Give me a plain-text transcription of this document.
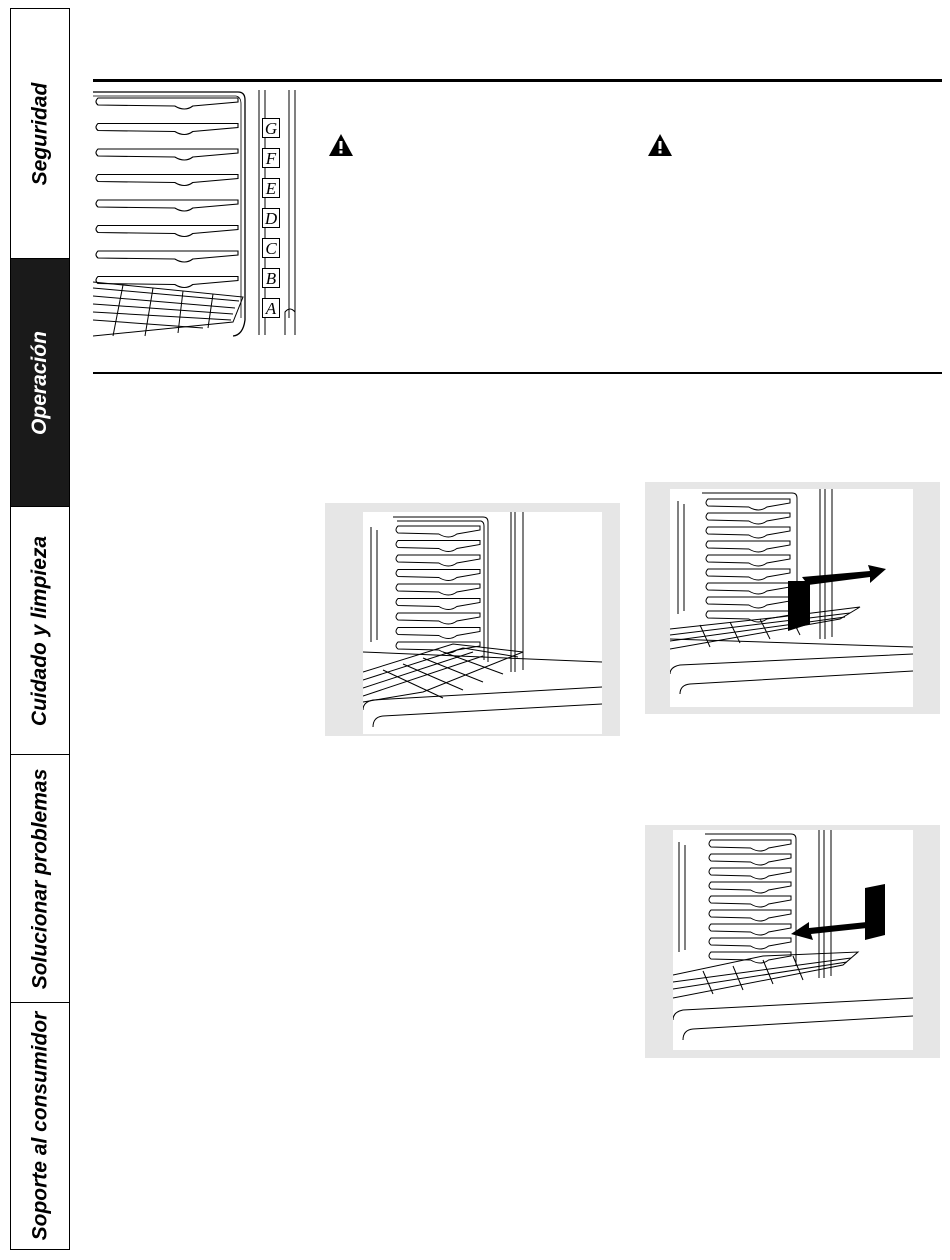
Seguridad
Operación
Cuidado y limpieza
Solucionar problemas
Soporte al consumidor
G
F
E
D
C
B
A
